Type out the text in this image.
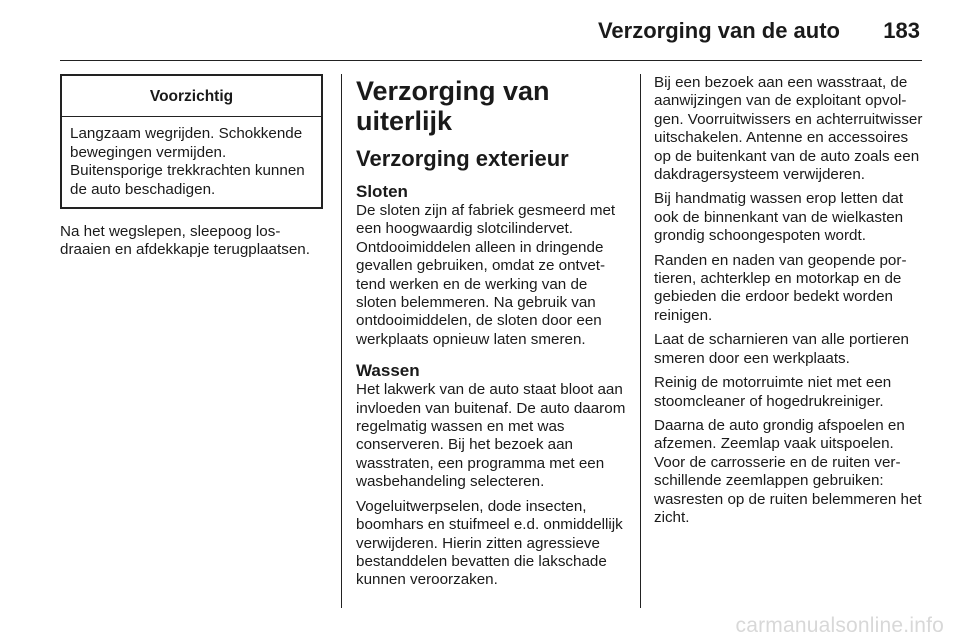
Verzorging van de auto 183
Voorzichtig
Langzaam wegrijden. Schokkende bewegingen vermijden. Buitensporige trekkrachten kunnen de auto beschadigen.

Na het wegslepen, sleepoog losdraaien en afdekkapje terugplaatsen.

Verzorging van uiterlijk
Verzorging exterieur
Sloten

De sloten zijn af fabriek gesmeerd met een hoogwaardig slotcilindervet. Ontdooimiddelen alleen in dringende gevallen gebruiken, omdat ze ontvettend werken en de werking van de sloten belemmeren. Na gebruik van ontdooimiddelen, de sloten door een werkplaats opnieuw laten smeren.

Wassen

Het lakwerk van de auto staat bloot aan invloeden van buitenaf. De auto daarom regelmatig wassen en met was conserveren. Bij het bezoek aan wasstraten, een programma met een wasbehandeling selecteren.

Vogeluitwerpselen, dode insecten, boomhars en stuifmeel e.d. onmiddellijk verwijderen. Hierin zitten agressieve bestanddelen bevatten die lakschade kunnen veroorzaken.

Bij een bezoek aan een wasstraat, de aanwijzingen van de exploitant opvolgen. Voorruitwissers en achterruitwisser uitschakelen. Antenne en accessoires op de buitenkant van de auto zoals een dakdragersysteem verwijderen.

Bij handmatig wassen erop letten dat ook de binnenkant van de wielkasten grondig schoongespoten wordt.

Randen en naden van geopende portieren, achterklep en motorkap en de gebieden die erdoor bedekt worden reinigen.

Laat de scharnieren van alle portieren smeren door een werkplaats.

Reinig de motorruimte niet met een stoomcleaner of hogedrukreiniger.

Daarna de auto grondig afspoelen en afzemen. Zeemlap vaak uitspoelen. Voor de carrosserie en de ruiten verschillende zeemlappen gebruiken: wasresten op de ruiten belemmeren het zicht.

carmanualsonline.info
